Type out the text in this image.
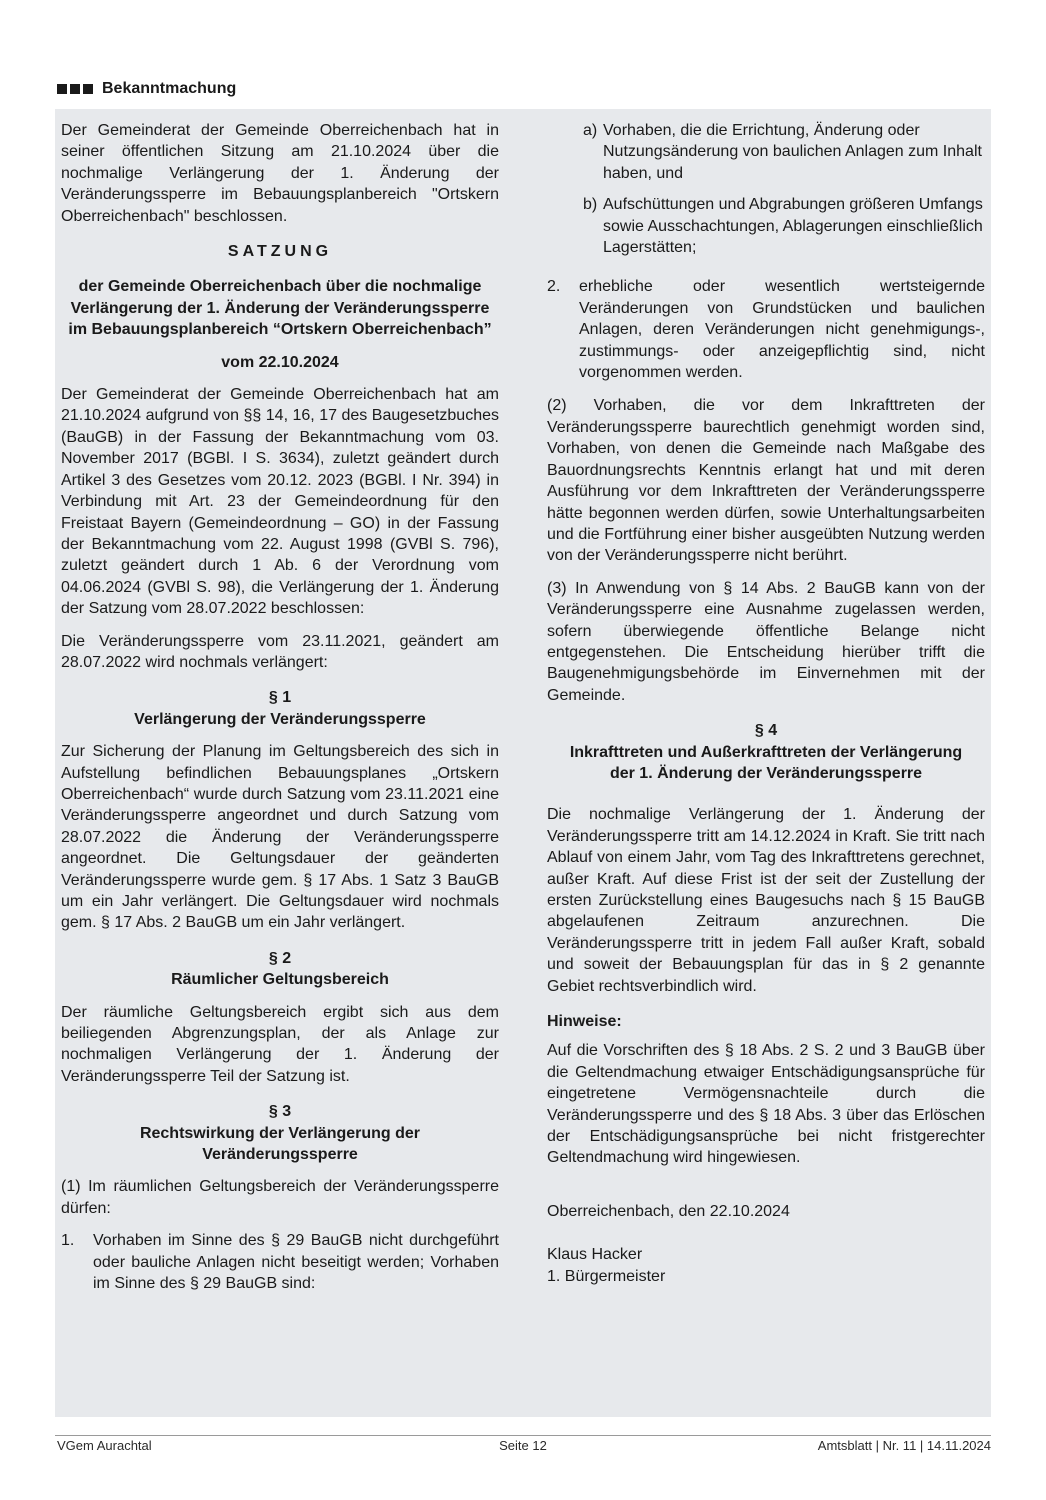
Bekanntmachung

Der Gemeinderat der Gemeinde Oberreichenbach hat in seiner öffentlichen Sitzung am 21.10.2024 über die nochmalige Verlängerung der 1. Änderung der Veränderungssperre im Bebauungsplanbereich "Ortskern Oberreichenbach" beschlossen.

SATZUNG

der Gemeinde Oberreichenbach über die nochmalige Verlängerung der 1. Änderung der Veränderungssperre im Bebauungsplanbereich “Ortskern Oberreichenbach”

vom 22.10.2024

Der Gemeinderat der Gemeinde Oberreichenbach hat am 21.10.2024 aufgrund von §§ 14, 16, 17 des Baugesetzbuches (BauGB) in der Fassung der Bekanntmachung vom 03. November 2017 (BGBl. I S. 3634), zuletzt geändert durch Artikel 3 des Gesetzes vom 20.12. 2023 (BGBl. I Nr. 394) in Verbindung mit Art. 23 der Gemeindeordnung für den Freistaat Bayern (Gemeindeordnung – GO) in der Fassung der Bekanntmachung vom 22. August 1998 (GVBl S. 796), zuletzt geändert durch 1 Ab. 6 der Verordnung vom 04.06.2024 (GVBl S. 98), die Verlängerung der 1. Änderung der Satzung vom 28.07.2022 beschlossen:

Die Veränderungssperre vom 23.11.2021, geändert am 28.07.2022 wird nochmals verlängert:

§ 1

Verlängerung der Veränderungssperre

Zur Sicherung der Planung im Geltungsbereich des sich in Aufstellung befindlichen Bebauungsplanes „Ortskern Oberreichenbach“ wurde durch Satzung vom 23.11.2021 eine Veränderungssperre angeordnet und durch Satzung vom 28.07.2022 die Änderung der Veränderungssperre angeordnet. Die Geltungsdauer der geänderten Veränderungssperre wurde gem. § 17 Abs. 1 Satz 3 BauGB um ein Jahr verlängert. Die Geltungsdauer wird nochmals gem. § 17 Abs. 2 BauGB um ein Jahr verlängert.

§ 2

Räumlicher Geltungsbereich

Der räumliche Geltungsbereich ergibt sich aus dem beiliegenden Abgrenzungsplan, der als Anlage zur nochmaligen Verlängerung der 1. Änderung der Veränderungssperre Teil der Satzung ist.

§ 3
Rechtswirkung der Verlängerung der

Veränderungssperre

(1) Im räumlichen Geltungsbereich der Veränderungssperre dürfen:

1.	Vorhaben im Sinne des § 29 BauGB nicht durchgeführt oder bauliche Anlagen nicht beseitigt werden; Vorhaben im Sinne des § 29 BauGB sind:
a) Vorhaben, die die Errichtung, Änderung oder Nutzungsänderung von baulichen Anlagen zum Inhalt haben, und
b) Aufschüttungen und Abgrabungen größeren Umfangs sowie Ausschachtungen, Ablagerungen einschließlich Lagerstätten;
2.	erhebliche oder wesentlich wertsteigernde Veränderungen von Grundstücken und baulichen Anlagen, deren Veränderungen nicht genehmigungs-, zustimmungs- oder anzeigepflichtig sind, nicht vorgenommen werden.

(2) Vorhaben, die vor dem Inkrafttreten der Veränderungssperre baurechtlich genehmigt worden sind, Vorhaben, von denen die Gemeinde nach Maßgabe des Bauordnungsrechts Kenntnis erlangt hat und mit deren Ausführung vor dem Inkrafttreten der Veränderungssperre hätte begonnen werden dürfen, sowie Unterhaltungsarbeiten und die Fortführung einer bisher ausgeübten Nutzung werden von der Veränderungssperre nicht berührt.

(3) In Anwendung von § 14 Abs. 2 BauGB kann von der Veränderungssperre eine Ausnahme zugelassen werden, sofern überwiegende öffentliche Belange nicht entgegenstehen. Die Entscheidung hierüber trifft die Baugenehmigungsbehörde im Einvernehmen mit der Gemeinde.

§ 4
Inkrafttreten und Außerkrafttreten der Verlängerung

der 1. Änderung der Veränderungssperre

Die nochmalige Verlängerung der 1. Änderung der Veränderungssperre tritt am 14.12.2024 in Kraft. Sie tritt nach Ablauf von einem Jahr, vom Tag des Inkrafttretens gerechnet, außer Kraft. Auf diese Frist ist der seit der Zustellung der ersten Zurückstellung eines Baugesuchs nach § 15 BauGB abgelaufenen Zeitraum anzurechnen. Die Veränderungssperre tritt in jedem Fall außer Kraft, sobald und soweit der Bebauungsplan für das in § 2 genannte Gebiet rechtsverbindlich wird.

Hinweise:

Auf die Vorschriften des § 18 Abs. 2 S. 2 und 3 BauGB über die Geltendmachung etwaiger Entschädigungsansprüche für eingetretene Vermögensnachteile durch die Veränderungssperre und des § 18 Abs. 3 über das Erlöschen der Entschädigungsansprüche bei nicht fristgerechter Geltendmachung wird hingewiesen.

Oberreichenbach, den 22.10.2024

Klaus Hacker
1. Bürgermeister
VGem Aurachtal	Seite 12	Amtsblatt | Nr. 11 | 14.11.2024
